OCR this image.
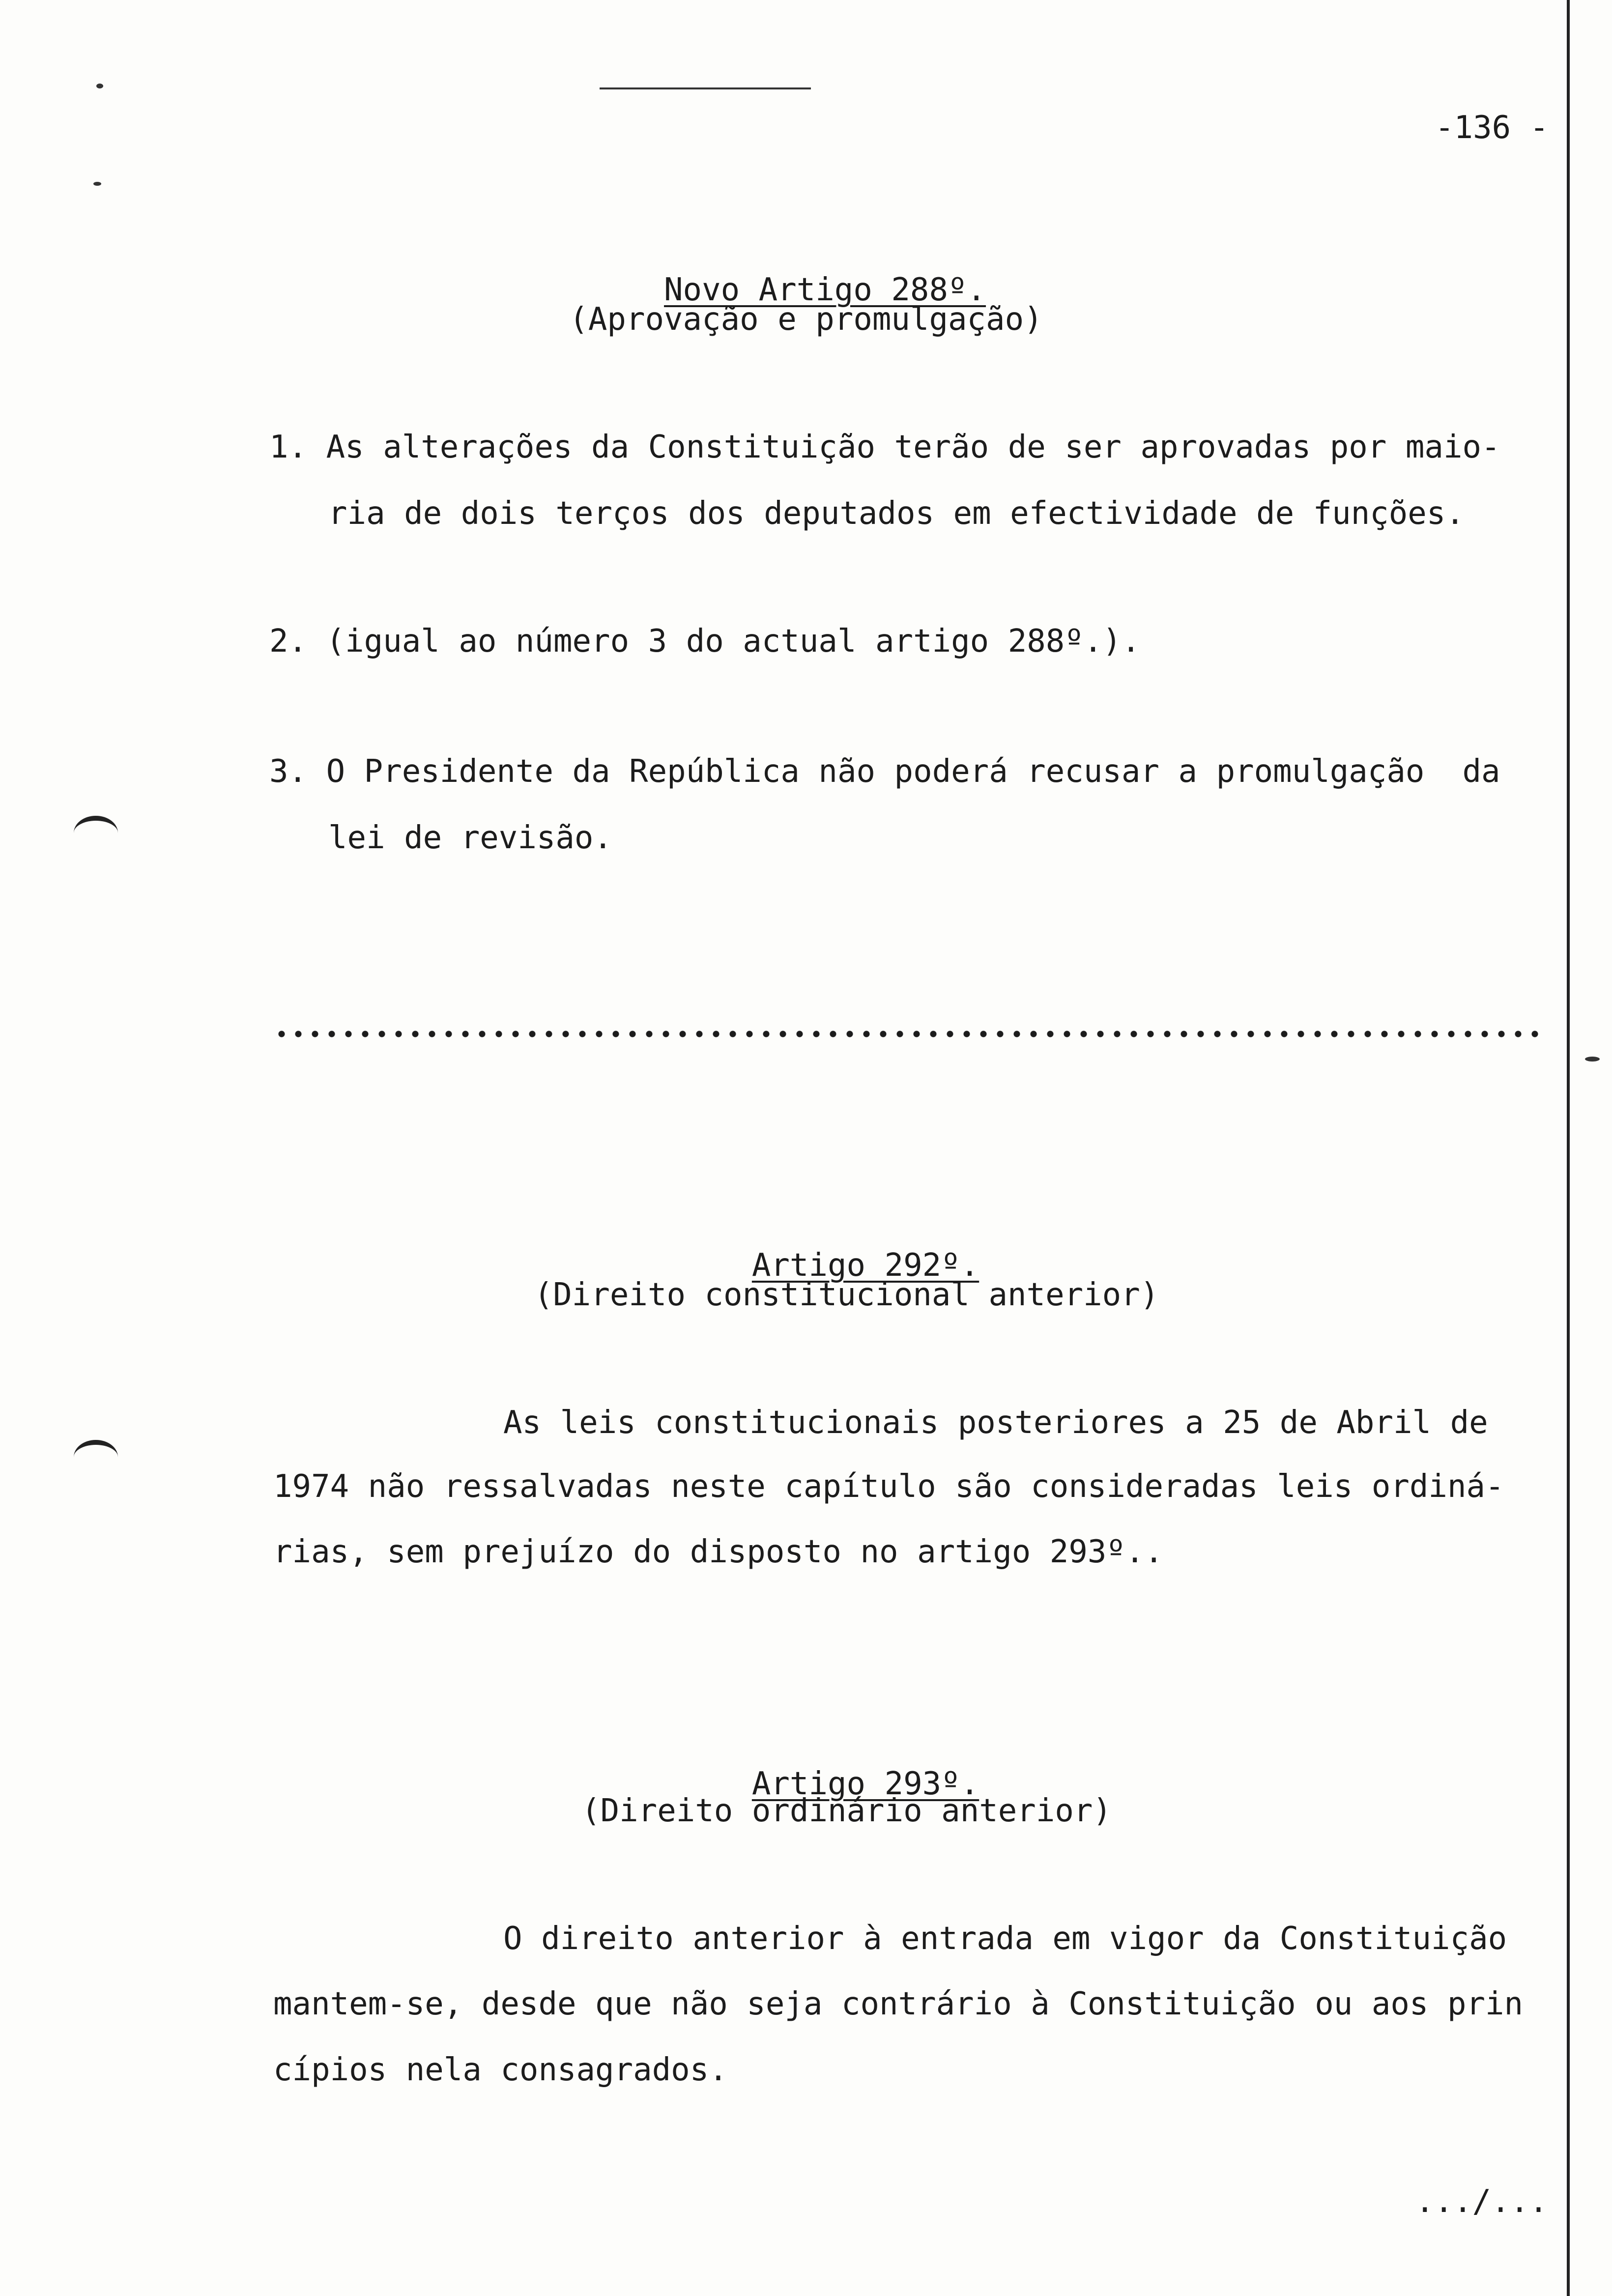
-136 -

Novo Artigo 288º.

(Aprovação e promulgação)
1. As alterações da Constituição terão de ser aprovadas por maio-
ria de dois terços dos deputados em efectividade de funções.
2. (igual ao número 3 do actual artigo 288º.).
3. O Presidente da República não poderá recusar a promulgação  da
lei de revisão.

Artigo 292º.

(Direito constitucional anterior)
As leis constitucionais posteriores a 25 de Abril de
1974 não ressalvadas neste capítulo são consideradas leis ordiná-
rias, sem prejuízo do disposto no artigo 293º..

Artigo 293º.

(Direito ordinário anterior)
O direito anterior à entrada em vigor da Constituição
mantem-se, desde que não seja contrário à Constituição ou aos prin
cípios nela consagrados.
.../...
